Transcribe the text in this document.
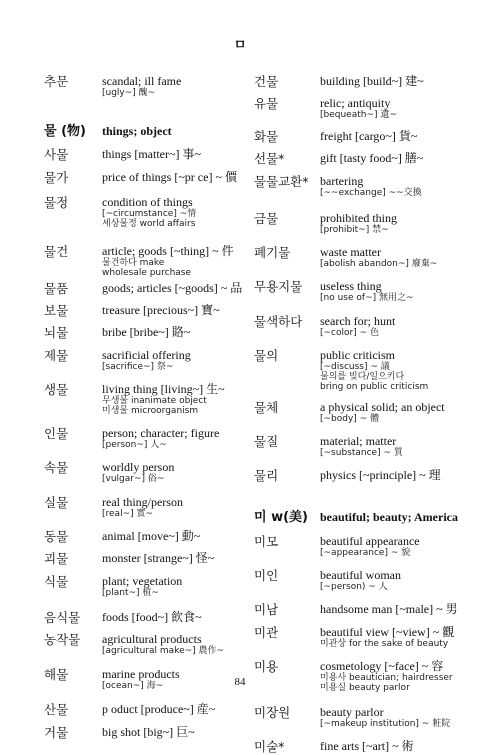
ㅁ
추문	scandal; ill fame
[ugly~] 醜~
물 (物)	things; object
사물	things [matter~] 事~
물가	price of things [~pr ce] ~ 價
물정	condition of things
[~circumstance] ~情
세상물정 world affairs
물건	article; goods [~thing] ~ 件
물건하다 make
wholesale purchase
물품	goods; articles [~goods] ~ 品
보물	treasure [precious~] 寶~
뇌물	bribe [bribe~] 賂~
제물	sacrificial offering
[sacrifice~] 祭~
생물	living thing [living~] 生~
무생물 inanimate object
미생물 microorganism
인물	person; character; figure
[person~] 人~
속물	worldly person
[vulgar~] 俗~
실물	real thing/person
[real~] 實~
동물	animal [move~] 動~
괴물	monster [strange~] 怪~
식물	plant; vegetation
[plant~] 植~
음식물	foods [food~] 飮食~
농작물	agricultural products
[agricultural make~] 農作~
해물	marine products
[ocean~] 海~
산물	p oduct [produce~] 産~
거물	big shot [big~] 巨~
건물	building [build~] 建~
유물	relic; antiquity
[bequeath~] 遺~
화물	freight [cargo~] 貨~
선물*	gift [tasty food~] 膳~
물물교환* bartering
[~~exchange] ~~交換
금물	prohibited thing
[prohibit~] 禁~
폐기물	waste matter
[abolish abandon~] 廢棄~
무용지물	useless thing
[no use of~] 無用之~
물색하다	search for; hunt
[~color] ~ 色
물의	public criticism
[~discuss] ~ 議
물의를 빚다/일으키다
bring on public criticism
물체	a physical solid; an object
[~body] ~ 體
물질	material; matter
[~substance] ~ 質
물리	physics [~principle] ~ 理
미 w(美)	beautiful; beauty; America
미모	beautiful appearance
[~appearance] ~ 貌
미인	beautiful woman
[~person) ~ 人
미남	handsome man [~male] ~ 男
미관	beautiful view [~view] ~ 觀
미관상 for the sake of beauty
미용	cosmetology [~face] ~ 容
미용사 beautician; hairdresser
미용실 beauty parlor
미장원	beauty parlor
[~makeup institution] ~ 粧院
미술*	fine arts [~art] ~ 術
84
